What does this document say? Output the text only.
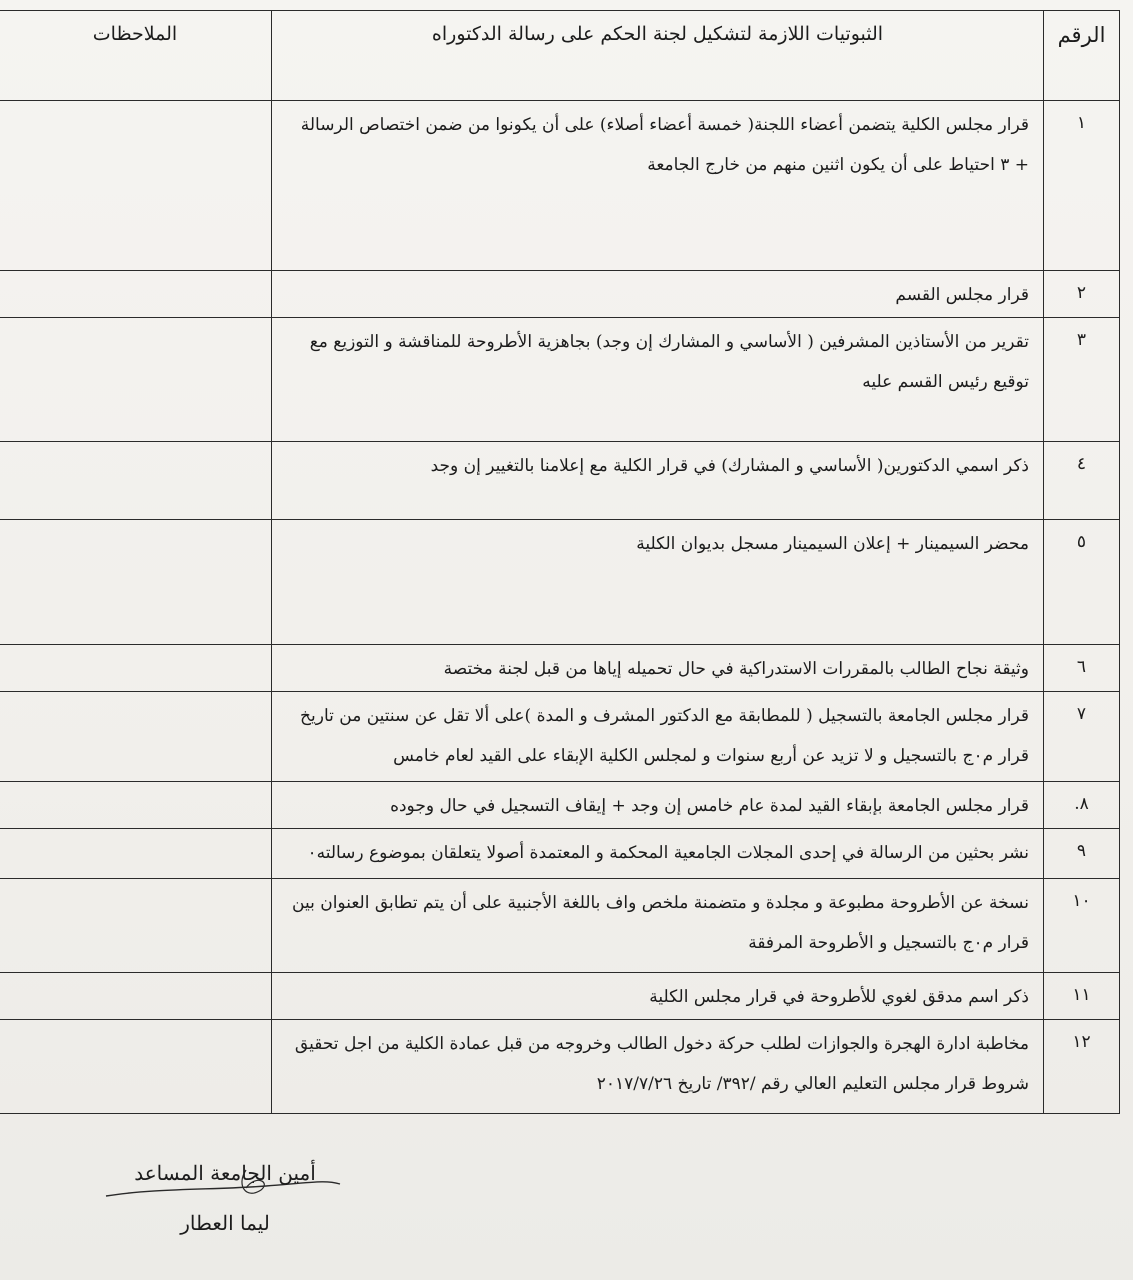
الرقم	الثبوتيات اللازمة لتشكيل لجنة الحكم على رسالة الدكتوراه	الملاحظات
١	قرار مجلس الكلية يتضمن أعضاء اللجنة( خمسة أعضاء أصلاء) على أن يكونوا من ضمن اختصاص الرسالة + ٣ احتياط على أن يكون اثنين منهم من خارج الجامعة	
٢	قرار مجلس القسم	
٣	تقرير من الأستاذين المشرفين ( الأساسي و المشارك إن وجد) بجاهزية الأطروحة للمناقشة و التوزيع مع توقيع رئيس القسم عليه	
٤	ذكر اسمي الدكتورين( الأساسي و المشارك) في قرار الكلية مع إعلامنا بالتغيير إن وجد	
٥	محضر السيمينار + إعلان السيمينار مسجل بديوان الكلية	
٦	وثيقة نجاح الطالب بالمقررات الاستدراكية في حال تحميله إياها من قبل لجنة مختصة	
٧	قرار مجلس الجامعة بالتسجيل ( للمطابقة مع الدكتور المشرف و المدة )على ألا تقل عن سنتين من تاريخ قرار م٠ج بالتسجيل و لا تزيد عن أربع سنوات و لمجلس الكلية الإبقاء على القيد لعام خامس	
٨.	قرار مجلس الجامعة بإبقاء القيد لمدة عام خامس إن وجد + إيقاف التسجيل في حال وجوده	
٩	نشر بحثين من الرسالة في إحدى المجلات الجامعية المحكمة و المعتمدة أصولا يتعلقان بموضوع رسالته٠	
١٠	نسخة عن الأطروحة مطبوعة و مجلدة و متضمنة ملخص واف باللغة الأجنبية على أن يتم تطابق العنوان بين قرار م٠ج بالتسجيل و الأطروحة المرفقة	
١١	ذكر اسم مدقق لغوي للأطروحة في قرار مجلس الكلية	
١٢	مخاطبة ادارة الهجرة والجوازات لطلب حركة دخول الطالب وخروجه من قبل عمادة الكلية من اجل تحقيق شروط قرار مجلس التعليم العالي رقم /٣٩٢/ تاريخ ٢٠١٧/٧/٢٦	
أمين الجامعة المساعد
ليما العطار
